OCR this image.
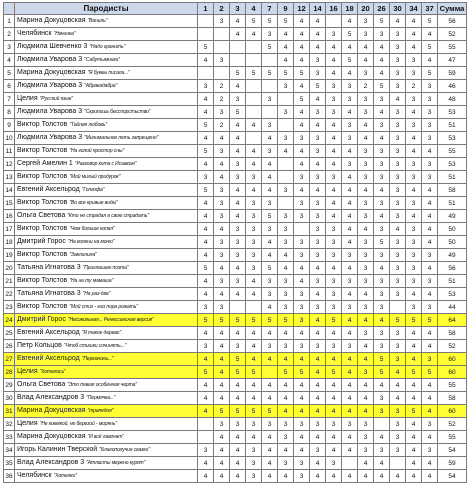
	Пародисты	1	2	3	4	7	9	12	14	16	18	20	26	30	34	37	Сумма
1	Марина Докуцовская "Ваниль"		3	4	5	5	5	4	4		4	3	5	4	4	5	56
2	Челябинск "Начинка"			4	4	3	4	4	4	3	5	3	3	3	4	4	52
3	Людмила Шевченко 3 "Надо гранить"	5				5	4	4	4	4	4	4	4	3	4	5	55
4	Людмила Уварова 3 "Сабутымники"	4	3				4	4	3	4	5	4	4	3	3	4	47
5	Марина Докуцовская "Я буквы писала..."			5	5	5	5	5	3	4	4	3	4	3	3	5	59
6	Людмила Уварова 3 "Абракадабра"	3	2	4			3	4	5	3	3	2	5	3	2	3	46
7	Целия "Русский язык"	4	2	3		3		5	4	3	3	3	3	4	3	3	48
8	Людмила Уварова 3 "Скрипишь бесспорстьство"	4	3	5			3	4	3	3	4	3	4	3	4	3	53
9	Виктор Толстов "Тайная любовь"	5	2	4	4	3		4	4	4	3	4	3	3	3	3	51
10	Людмила Уварова 3 "Минимальное петь запрещено"	4	4	4		4	3	3	3	4	3	4	4	3	4	3	53
11	Виктор Толстов "На голой простор сны"	5	3	4	4	3	4	4	3	4	4	3	3	3	4	4	55
12	Сергей Амелин 1 "Разговор кота с Исааком"	4	4	3	4	4		4	4	4	3	3	3	3	3	3	53
13	Виктор Толстов "Мой милый придурок"	3	4	3	3	4		3	3	3	4	3	3	3	3	3	51
14	Евгений Аксельрод "Голгофа"	5	3	4	4	4	3	4	4	4	4	4	4	3	4	4	58
15	Виктор Толстов "Во все кривые виды"	4	3	4	3	3		3	3	4	4	3	3	3	3	4	51
16	Ольга Светова "Кто не страдал в свою страдать"	4	3	4	3	5	3	3	3	4	4	3	4	3	4	4	49
17	Виктор Толстов "Чем больше копал"	4	4	3	3	3	3		3	3	4	4	3	4	3	4	50
18	Дмитрий Горос "На колени на моню"	4	3	3	3	4	3	3	3	3	4	3	5	3	3	4	50
19	Виктор Толстов "Заклинила"	4	3	3	3	4	4	3	3	3	3	3	3	3	3	3	49
20	Татьяна Игнатова 3 "Приглашаю поэта"	5	4	4	3	5	4	4	4	4	4	3	4	3	3	4	56
21	Виктор Толстов "На на ту мамаша"	4	3	3	4	3	3	4	3	3	3	3	3	3	3	3	51
22	Татьяна Игнатова 3 "На раз-два"	4	4	4	4	3	3	3	4	3	4	4	3	3	4	4	53
23	Виктор Толстов "Мой стих - его пора рожать"	3	3			4	3	3	3	3	3	3	3		3	3	44
24	Дмитрий Горос "Несокольная... Ренессансная версия"	5	5	5	5	5	5	3	4	5	4	4	4	5	5	5	64
25	Евгений Аксельрод "Я такое дерево"	4	4	4	4	4	4	4	4	4	4	3	3	3	4	4	58
26	Петр Кольцов "Чтоб стишки сочинять..."	3	4	3	4	3	3	3	3	3	3	4	3	3	4	4	52
27	Евгений Аксельрод "Переаноль..."	4	4	5	4	4	4	4	4	4	4	4	5	3	4	3	60
28	Целия "Хотелось"	5	4	5	5		5	5	4	5	4	3	5	4	5	5	60
29	Ольга Светова "Это такая особенная черта"	4	4	4	4	4	4	4	4	4	4	4	4	4	4	4	55
30	Влад Александров 3 "Пермячка..."	4	4	4	4	4	4	4	4	4	4	4	3	4	4	4	58
31	Марина Докуцовская "трапедия"	4	5	5	5	5	4	4	4	4	4	4	3	3	5	4	60
32	Целия "Не коемкой, не березой - морянь"		3	3	3	3	3	3	3	3	3	3		3	4	3	52
33	Марина Докуцовская "И всё лавочат"		4	4	4	4	3	4	4	4	4	3	4	3	4	4	55
34	Игорь Калинин Тверской "Благополучие сказки"	3	4	4	3	4	4	4	3	4	4	3	3	3	4	3	54
35	Влад Александров 3 "Атласты мерено курят"	4	4	4	3	4	3	3	4	3		4	4		4	4	59
36	Челябинск "Хотелки"	4	4	4	3	4	4	3	4	4	4	4	4	4	4	4	54
